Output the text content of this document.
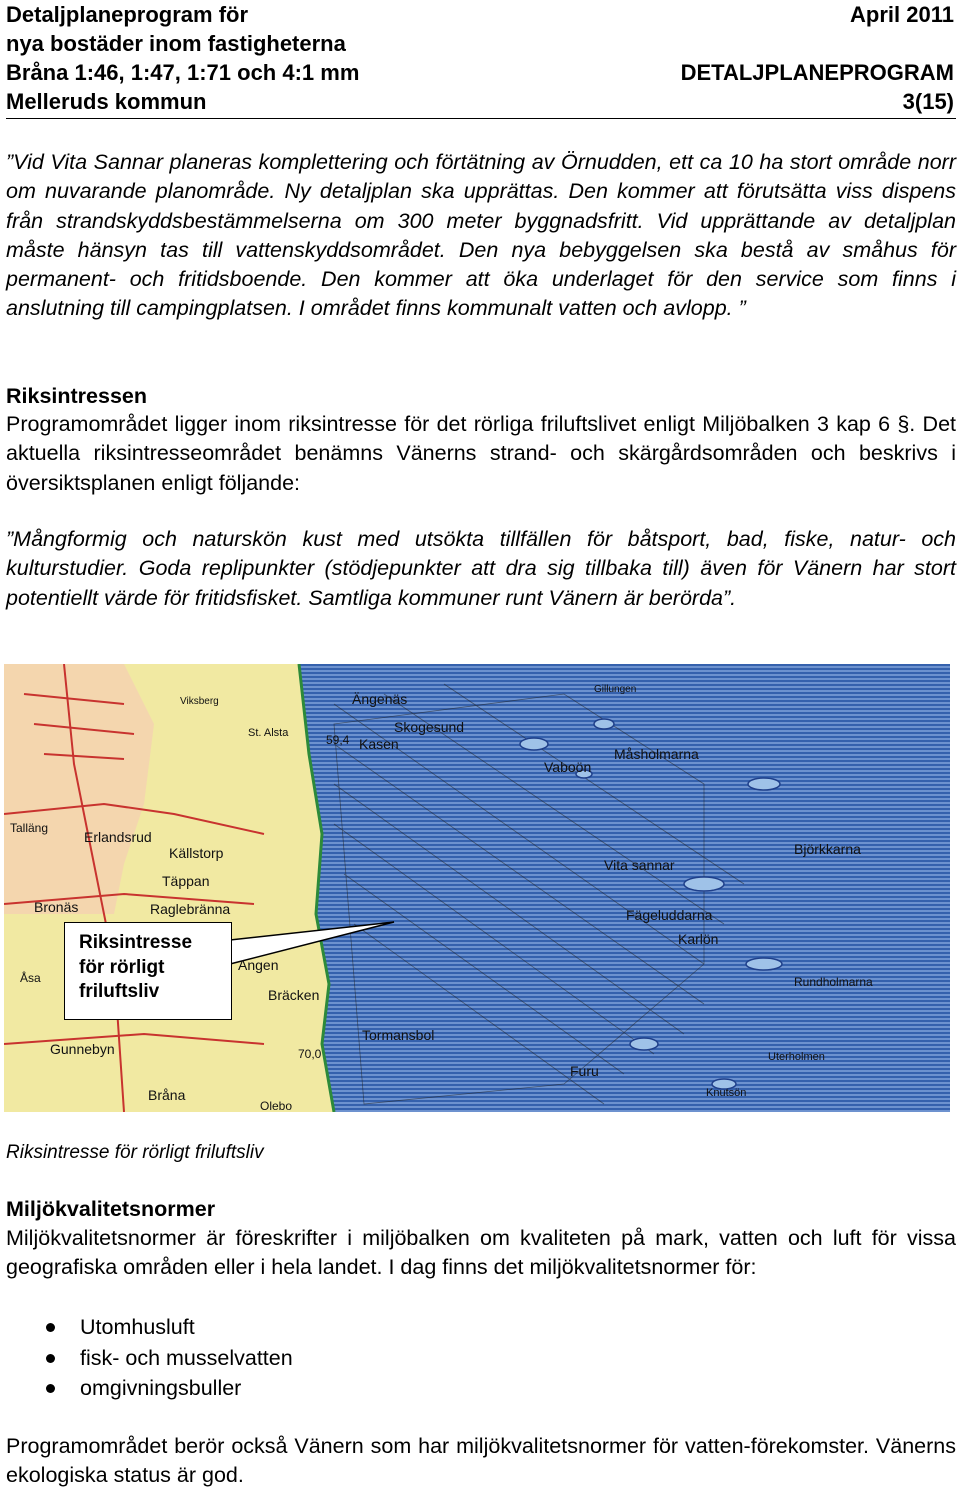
Detaljplaneprogram för
nya bostäder inom fastigheterna
Bråna 1:46, 1:47, 1:71 och 4:1 mm
Melleruds kommun
April 2011
DETALJPLANEPROGRAM
3(15)
”Vid Vita Sannar planeras komplettering och förtätning av Örnudden, ett ca 10 ha stort område norr om nuvarande planområde. Ny detaljplan ska upprättas. Den kommer att förutsätta viss dispens från strandskyddsbestämmelserna om 300 meter byggnadsfritt. Vid upprättande av detaljplan måste hänsyn tas till vattenskyddsområdet. Den nya bebyggelsen ska bestå av småhus för permanent- och fritidsboende. Den kommer att öka underlaget för den service som finns i anslutning till campingplatsen. I området finns kommunalt vatten och avlopp. ”
Riksintressen
Programområdet ligger inom riksintresse för det rörliga friluftslivet enligt Miljöbalken 3 kap 6 §. Det aktuella riksintresseområdet benämns Vänerns strand- och skärgårdsområden och beskrivs i översiktsplanen enligt följande:
”Mångformig och naturskön kust med utsökta tillfällen för båtsport, bad, fiske, natur- och kulturstudier. Goda replipunkter (stödjepunkter att dra sig tillbaka till) även för Vänern har stort potentiellt värde för fritidsfisket. Samtliga kommuner runt Vänern är berörda”.
Ängenäs
Skogesund
Gillungen
St. Alsta
Kasen
Vaboön
Måsholmarna
Erlandsrud
Källstorp
Täppan
Björkkarna
Vita sannar
Bronäs	Raglebränna	Fägeluddarna
Karlön
Tormansbol
Angen
Bräcken
Rundholmarna
Gunnebyn
Bråna
Furu
Uterholmen
Knutsön
Talläng
Åsa
Viksberg
Olebo
59,4
70,0
Riksintresse
för rörligt
friluftsliv
Riksintresse för rörligt friluftsliv
Miljökvalitetsnormer
Miljökvalitetsnormer är föreskrifter i miljöbalken om kvaliteten på mark, vatten och luft för vissa geografiska områden eller i hela landet. I dag finns det miljökvalitetsnormer för:
Utomhusluft
fisk- och musselvatten
omgivningsbuller
Programområdet berör också Vänern som har miljökvalitetsnormer för vatten-förekomster. Vänerns ekologiska status är god.
